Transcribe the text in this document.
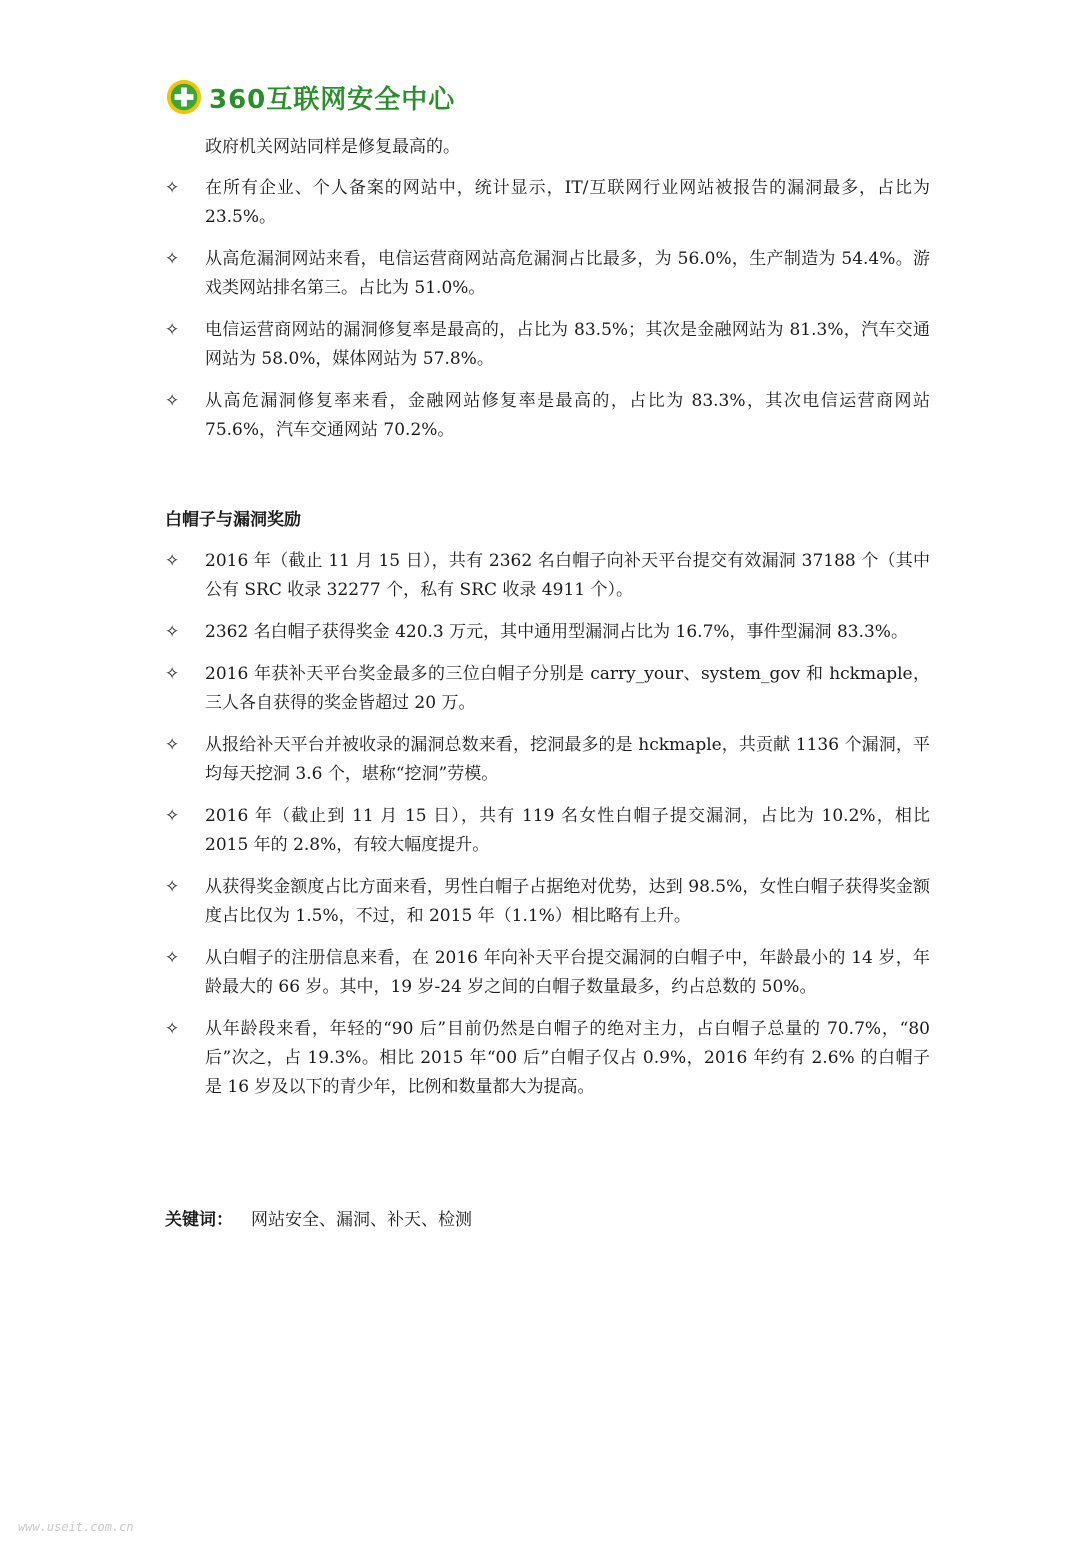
360互联网安全中心
政府机关网站同样是修复最高的。
✧	在所有企业、个人备案的网站中，统计显示，IT/互联网行业网站被报告的漏洞最多，占比为 23.5%。
✧	从高危漏洞网站来看，电信运营商网站高危漏洞占比最多，为 56.0%，生产制造为 54.4%。游戏类网站排名第三。占比为 51.0%。
✧	电信运营商网站的漏洞修复率是最高的，占比为 83.5%；其次是金融网站为 81.3%，汽车交通网站为 58.0%，媒体网站为 57.8%。
✧	从高危漏洞修复率来看，金融网站修复率是最高的，占比为 83.3%，其次电信运营商网站 75.6%，汽车交通网站 70.2%。
白帽子与漏洞奖励
✧	2016 年（截止 11 月 15 日），共有 2362 名白帽子向补天平台提交有效漏洞 37188 个（其中公有 SRC 收录 32277 个，私有 SRC 收录 4911 个）。
✧	2362 名白帽子获得奖金 420.3 万元，其中通用型漏洞占比为 16.7%，事件型漏洞 83.3%。
✧	2016 年获补天平台奖金最多的三位白帽子分别是 carry_your、system_gov 和 hckmaple，三人各自获得的奖金皆超过 20 万。
✧	从报给补天平台并被收录的漏洞总数来看，挖洞最多的是 hckmaple，共贡献 1136 个漏洞，平均每天挖洞 3.6 个，堪称“挖洞”劳模。
✧	2016 年（截止到 11 月 15 日），共有 119 名女性白帽子提交漏洞，占比为 10.2%，相比 2015 年的 2.8%，有较大幅度提升。
✧	从获得奖金额度占比方面来看，男性白帽子占据绝对优势，达到 98.5%，女性白帽子获得奖金额度占比仅为 1.5%，不过，和 2015 年（1.1%）相比略有上升。
✧	从白帽子的注册信息来看，在 2016 年向补天平台提交漏洞的白帽子中，年龄最小的 14 岁，年龄最大的 66 岁。其中，19 岁-24 岁之间的白帽子数量最多，约占总数的 50%。
✧	从年龄段来看，年轻的“90 后”目前仍然是白帽子的绝对主力，占白帽子总量的 70.7%，“80 后”次之，占 19.3%。相比 2015 年“00 后”白帽子仅占 0.9%，2016 年约有 2.6% 的白帽子是 16 岁及以下的青少年，比例和数量都大为提高。
关键词： 网站安全、漏洞、补天、检测
www.useit.com.cn
